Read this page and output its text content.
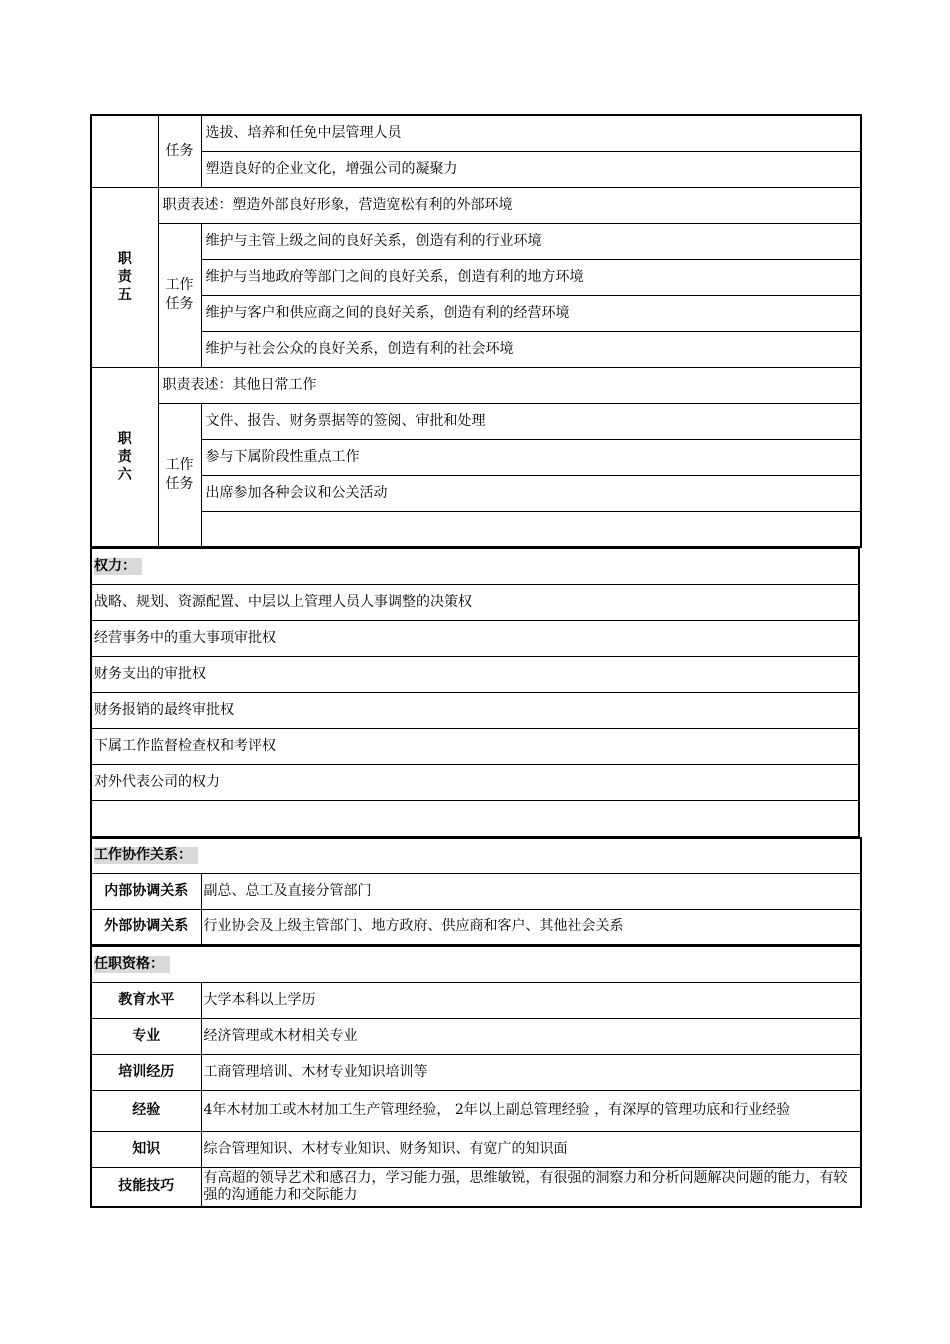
	任务	选拔、培养和任免中层管理人员
		塑造良好的企业文化，增强公司的凝聚力
职责五	职责表述：塑造外部良好形象，营造宽松有利的外部环境	
	工作任务	维护与主管上级之间的良好关系，创造有利的行业环境
		维护与当地政府等部门之间的良好关系，创造有利的地方环境
		维护与客户和供应商之间的良好关系，创造有利的经营环境
		维护与社会公众的良好关系，创造有利的社会环境
职责六	职责表述：其他日常工作	
	工作任务	文件、报告、财务票据等的签阅、审批和处理
		参与下属阶段性重点工作
		出席参加各种会议和公关活动

权力：
战略、规划、资源配置、中层以上管理人员人事调整的决策权
经营事务中的重大事项审批权
财务支出的审批权
财务报销的最终审批权
下属工作监督检查权和考评权
对外代表公司的权力

工作协作关系：	
内部协调关系	副总、总工及直接分管部门
外部协调关系	行业协会及上级主管部门、地方政府、供应商和客户、其他社会关系
任职资格：	
教育水平	大学本科以上学历
专业	经济管理或木材相关专业
培训经历	工商管理培训、木材专业知识培训等
经验	4年木材加工或木材加工生产管理经验， 2年以上副总管理经验 ，有深厚的管理功底和行业经验
知识	综合管理知识、木材专业知识、财务知识、有宽广的知识面
技能技巧	有高超的领导艺术和感召力，学习能力强，思维敏锐，有很强的洞察力和分析问题解决问题的能力，有较强的沟通能力和交际能力
